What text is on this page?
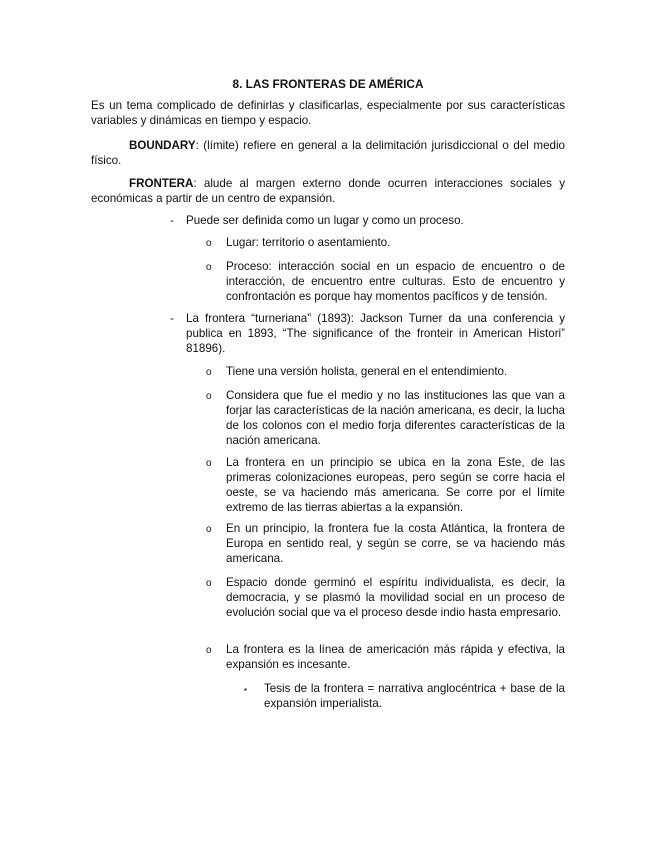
8. LAS FRONTERAS DE AMÉRICA

Es un tema complicado de definirlas y clasificarlas, especialmente por sus características variables y dinámicas en tiempo y espacio.

BOUNDARY: (límite) refiere en general a la delimitación jurisdiccional o del medio físico.

FRONTERA: alude al margen externo donde ocurren interacciones sociales y económicas a partir de un centro de expansión.

- Puede ser definida como un lugar y como un proceso.

o Lugar: territorio o asentamiento.

o Proceso: interacción social en un espacio de encuentro o de interacción, de encuentro entre culturas. Esto de encuentro y confrontación es porque hay momentos pacíficos y de tensión.

- La frontera “turneriana” (1893): Jackson Turner da una conferencia y publica en 1893, “The significance of the fronteir in American Histori” 81896).

o Tiene una versión holista, general en el entendimiento.

o Considera que fue el medio y no las instituciones las que van a forjar las características de la nación americana, es decir, la lucha de los colonos con el medio forja diferentes características de la nación americana.

o La frontera en un principio se ubica en la zona Este, de las primeras colonizaciones europeas, pero según se corre hacia el oeste, se va haciendo más americana. Se corre por el límite extremo de las tierras abiertas a la expansión.

o En un principio, la frontera fue la costa Atlántica, la frontera de Europa en sentido real, y según se corre, se va haciendo más americana.

o Espacio donde germinó el espíritu individualista, es decir, la democracia, y se plasmó la movilidad social en un proceso de evolución social que va el proceso desde indio hasta empresario.

o La frontera es la línea de americación más rápida y efectiva, la expansión es incesante.

▪ Tesis de la frontera = narrativa anglocéntrica + base de la expansión imperialista.
